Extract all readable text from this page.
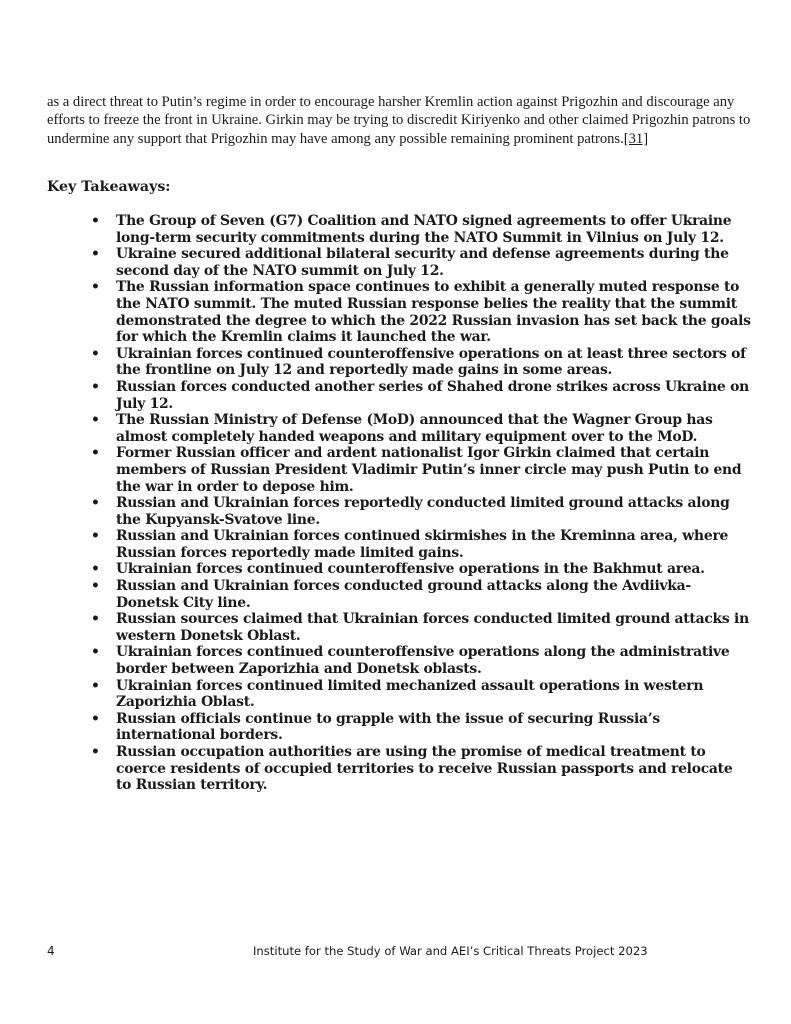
as a direct threat to Putin’s regime in order to encourage harsher Kremlin action against Prigozhin and discourage any efforts to freeze the front in Ukraine. Girkin may be trying to discredit Kiriyenko and other claimed Prigozhin patrons to undermine any support that Prigozhin may have among any possible remaining prominent patrons.[31]

Key Takeaways:
• The Group of Seven (G7) Coalition and NATO signed agreements to offer Ukraine long-term security commitments during the NATO Summit in Vilnius on July 12.
• Ukraine secured additional bilateral security and defense agreements during the second day of the NATO summit on July 12.
• The Russian information space continues to exhibit a generally muted response to the NATO summit. The muted Russian response belies the reality that the summit demonstrated the degree to which the 2022 Russian invasion has set back the goals for which the Kremlin claims it launched the war.
• Ukrainian forces continued counteroffensive operations on at least three sectors of the frontline on July 12 and reportedly made gains in some areas.
• Russian forces conducted another series of Shahed drone strikes across Ukraine on July 12.
• The Russian Ministry of Defense (MoD) announced that the Wagner Group has almost completely handed weapons and military equipment over to the MoD.
• Former Russian officer and ardent nationalist Igor Girkin claimed that certain members of Russian President Vladimir Putin’s inner circle may push Putin to end the war in order to depose him.
• Russian and Ukrainian forces reportedly conducted limited ground attacks along the Kupyansk-Svatove line.
• Russian and Ukrainian forces continued skirmishes in the Kreminna area, where Russian forces reportedly made limited gains.
• Ukrainian forces continued counteroffensive operations in the Bakhmut area.
• Russian and Ukrainian forces conducted ground attacks along the Avdiivka-Donetsk City line.
• Russian sources claimed that Ukrainian forces conducted limited ground attacks in western Donetsk Oblast.
• Ukrainian forces continued counteroffensive operations along the administrative border between Zaporizhia and Donetsk oblasts.
• Ukrainian forces continued limited mechanized assault operations in western Zaporizhia Oblast.
• Russian officials continue to grapple with the issue of securing Russia’s international borders.
• Russian occupation authorities are using the promise of medical treatment to coerce residents of occupied territories to receive Russian passports and relocate to Russian territory.
4	Institute for the Study of War and AEI’s Critical Threats Project 2023
